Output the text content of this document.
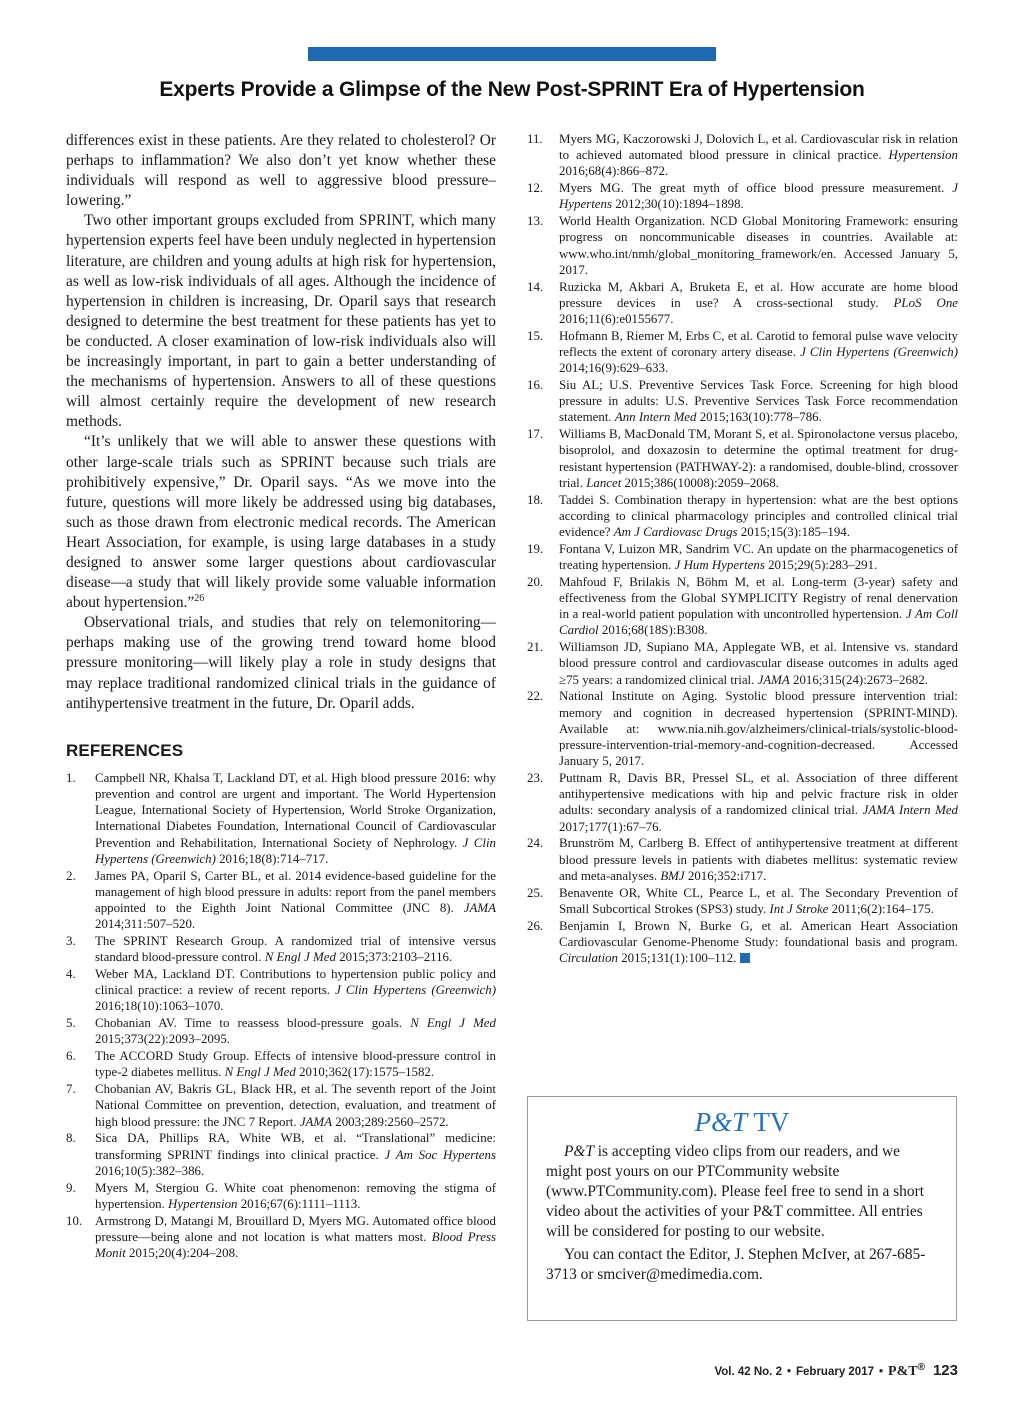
Experts Provide a Glimpse of the New Post-SPRINT Era of Hypertension

differences exist in these patients. Are they related to cholesterol? Or perhaps to inflammation? We also don’t yet know whether these individuals will respond as well to aggressive blood pressure–lowering.”

Two other important groups excluded from SPRINT, which many hypertension experts feel have been unduly neglected in hypertension literature, are children and young adults at high risk for hypertension, as well as low-risk individuals of all ages. Although the incidence of hypertension in children is increasing, Dr. Oparil says that research designed to determine the best treatment for these patients has yet to be conducted. A closer examination of low-risk individuals also will be increasingly important, in part to gain a better understanding of the mechanisms of hypertension. Answers to all of these questions will almost certainly require the development of new research methods.

“It’s unlikely that we will able to answer these questions with other large-scale trials such as SPRINT because such trials are prohibitively expensive,” Dr. Oparil says. “As we move into the future, questions will more likely be addressed using big databases, such as those drawn from electronic medical records. The American Heart Association, for example, is using large databases in a study designed to answer some larger questions about cardiovascular disease—a study that will likely provide some valuable information about hypertension.”$^{26}$

Observational trials, and studies that rely on telemonitoring—perhaps making use of the growing trend toward home blood pressure monitoring—will likely play a role in study designs that may replace traditional randomized clinical trials in the guidance of antihypertensive treatment in the future, Dr. Oparil adds.

REFERENCES
1. Campbell NR, Khalsa T, Lackland DT, et al. High blood pressure 2016: why prevention and control are urgent and important. The World Hypertension League, International Society of Hypertension, World Stroke Organization, International Diabetes Foundation, International Council of Cardiovascular Prevention and Rehabilitation, International Society of Nephrology. J Clin Hypertens (Greenwich) 2016;18(8):714–717.
2. James PA, Oparil S, Carter BL, et al. 2014 evidence-based guideline for the management of high blood pressure in adults: report from the panel members appointed to the Eighth Joint National Committee (JNC 8). JAMA 2014;311:507–520.
3. The SPRINT Research Group. A randomized trial of intensive versus standard blood-pressure control. N Engl J Med 2015;373:2103–2116.
4. Weber MA, Lackland DT. Contributions to hypertension public policy and clinical practice: a review of recent reports. J Clin Hypertens (Greenwich) 2016;18(10):1063–1070.
5. Chobanian AV. Time to reassess blood-pressure goals. N Engl J Med 2015;373(22):2093–2095.
6. The ACCORD Study Group. Effects of intensive blood-pressure control in type-2 diabetes mellitus. N Engl J Med 2010;362(17):1575–1582.
7. Chobanian AV, Bakris GL, Black HR, et al. The seventh report of the Joint National Committee on prevention, detection, evaluation, and treatment of high blood pressure: the JNC 7 Report. JAMA 2003;289:2560–2572.
8. Sica DA, Phillips RA, White WB, et al. “Translational” medicine: transforming SPRINT findings into clinical practice. J Am Soc Hypertens 2016;10(5):382–386.
9. Myers M, Stergiou G. White coat phenomenon: removing the stigma of hypertension. Hypertension 2016;67(6):1111–1113.
10. Armstrong D, Matangi M, Brouillard D, Myers MG. Automated office blood pressure—being alone and not location is what matters most. Blood Press Monit 2015;20(4):204–208.
11. Myers MG, Kaczorowski J, Dolovich L, et al. Cardiovascular risk in relation to achieved automated blood pressure in clinical practice. Hypertension 2016;68(4):866–872.
12. Myers MG. The great myth of office blood pressure measurement. J Hypertens 2012;30(10):1894–1898.
13. World Health Organization. NCD Global Monitoring Framework: ensuring progress on noncommunicable diseases in countries. Available at: www.who.int/nmh/global_monitoring_framework/en. Accessed January 5, 2017.
14. Ruzicka M, Akbari A, Bruketa E, et al. How accurate are home blood pressure devices in use? A cross-sectional study. PLoS One 2016;11(6):e0155677.
15. Hofmann B, Riemer M, Erbs C, et al. Carotid to femoral pulse wave velocity reflects the extent of coronary artery disease. J Clin Hypertens (Greenwich) 2014;16(9):629–633.
16. Siu AL; U.S. Preventive Services Task Force. Screening for high blood pressure in adults: U.S. Preventive Services Task Force recommendation statement. Ann Intern Med 2015;163(10):778–786.
17. Williams B, MacDonald TM, Morant S, et al. Spironolactone versus placebo, bisoprolol, and doxazosin to determine the optimal treatment for drug-resistant hypertension (PATHWAY-2): a randomised, double-blind, crossover trial. Lancet 2015;386(10008):2059–2068.
18. Taddei S. Combination therapy in hypertension: what are the best options according to clinical pharmacology principles and controlled clinical trial evidence? Am J Cardiovasc Drugs 2015;15(3):185–194.
19. Fontana V, Luizon MR, Sandrim VC. An update on the pharmacogenetics of treating hypertension. J Hum Hypertens 2015;29(5):283–291.
20. Mahfoud F, Brilakis N, Böhm M, et al. Long-term (3-year) safety and effectiveness from the Global SYMPLICITY Registry of renal denervation in a real-world patient population with uncontrolled hypertension. J Am Coll Cardiol 2016;68(18S):B308.
21. Williamson JD, Supiano MA, Applegate WB, et al. Intensive vs. standard blood pressure control and cardiovascular disease outcomes in adults aged ≥75 years: a randomized clinical trial. JAMA 2016;315(24):2673–2682.
22. National Institute on Aging. Systolic blood pressure intervention trial: memory and cognition in decreased hypertension (SPRINT-MIND). Available at: www.nia.nih.gov/alzheimers/clinical-trials/systolic-blood-pressure-intervention-trial-memory-and-cognition-decreased. Accessed January 5, 2017.
23. Puttnam R, Davis BR, Pressel SL, et al. Association of three different antihypertensive medications with hip and pelvic fracture risk in older adults: secondary analysis of a randomized clinical trial. JAMA Intern Med 2017;177(1):67–76.
24. Brunström M, Carlberg B. Effect of antihypertensive treatment at different blood pressure levels in patients with diabetes mellitus: systematic review and meta-analyses. BMJ 2016;352:i717.
25. Benavente OR, White CL, Pearce L, et al. The Secondary Prevention of Small Subcortical Strokes (SPS3) study. Int J Stroke 2011;6(2):164–175.
26. Benjamin I, Brown N, Burke G, et al. American Heart Association Cardiovascular Genome-Phenome Study: foundational basis and program. Circulation 2015;131(1):100–112.
P&T TV

P&T is accepting video clips from our readers, and we might post yours on our PTCommunity website (www.PTCommunity.com). Please feel free to send in a short video about the activities of your P&T committee. All entries will be considered for posting to our website.

You can contact the Editor, J. Stephen McIver, at 267-685-3713 or smciver@medimedia.com.

Vol. 42 No. 2 • February 2017 • P&T® 123
